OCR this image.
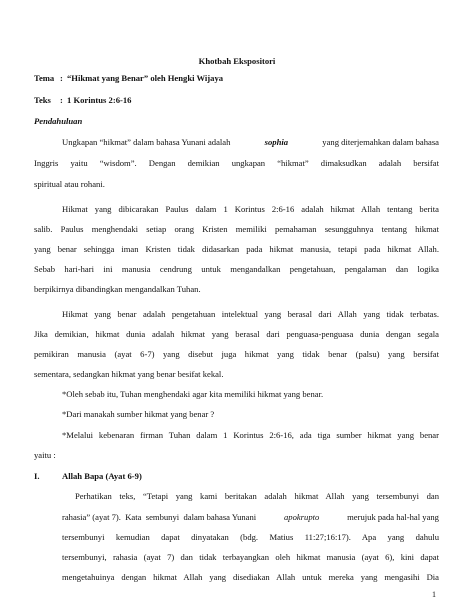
Khotbah Ekspositori
Tema : “Hikmat yang Benar” oleh Hengki Wijaya
Teks : 1 Korintus 2:6-16
Pendahuluan
Ungkapan “hikmat” dalam bahasa Yunani adalah	sophia	yang diterjemahkan dalam bahasa
Inggris yaitu “wisdom”. Dengan demikian ungkapan “hikmat” dimaksudkan adalah bersifat
spiritual atau rohani.
Hikmat yang dibicarakan Paulus dalam 1 Korintus 2:6-16 adalah hikmat Allah tentang berita
salib. Paulus menghendaki setiap orang Kristen memiliki pemahaman sesungguhnya tentang hikmat
yang benar sehingga iman Kristen tidak didasarkan pada hikmat manusia, tetapi pada hikmat Allah.
Sebab hari-hari ini manusia cendrung untuk mengandalkan pengetahuan, pengalaman dan logika
berpikirnya dibandingkan mengandalkan Tuhan.
Hikmat yang benar adalah pengetahuan intelektual yang berasal dari Allah yang tidak terbatas.
Jika demikian, hikmat dunia adalah hikmat yang berasal dari penguasa-penguasa dunia dengan segala
pemikiran manusia (ayat 6-7) yang disebut juga hikmat yang tidak benar (palsu) yang bersifat
sementara, sedangkan hikmat yang benar besifat kekal.
*Oleh sebab itu, Tuhan menghendaki agar kita memiliki hikmat yang benar.
*Dari manakah sumber hikmat yang benar ?
*Melalui kebenaran firman Tuhan dalam 1 Korintus 2:6-16, ada tiga sumber hikmat yang benar
yaitu :
I.	Allah Bapa (Ayat 6-9)
Perhatikan teks, “Tetapi yang kami beritakan adalah hikmat Allah yang tersembunyi dan
rahasia” (ayat 7).  Kata  sembunyi  dalam bahasa Yunani	apokrupto	merujuk pada hal-hal yang
tersembunyi kemudian dapat dinyatakan (bdg. Matius 11:27;16:17). Apa yang dahulu
tersembunyi, rahasia (ayat 7) dan tidak terbayangkan oleh hikmat manusia (ayat 6), kini dapat
mengetahuinya dengan hikmat Allah yang disediakan Allah untuk mereka yang mengasihi Dia
1
